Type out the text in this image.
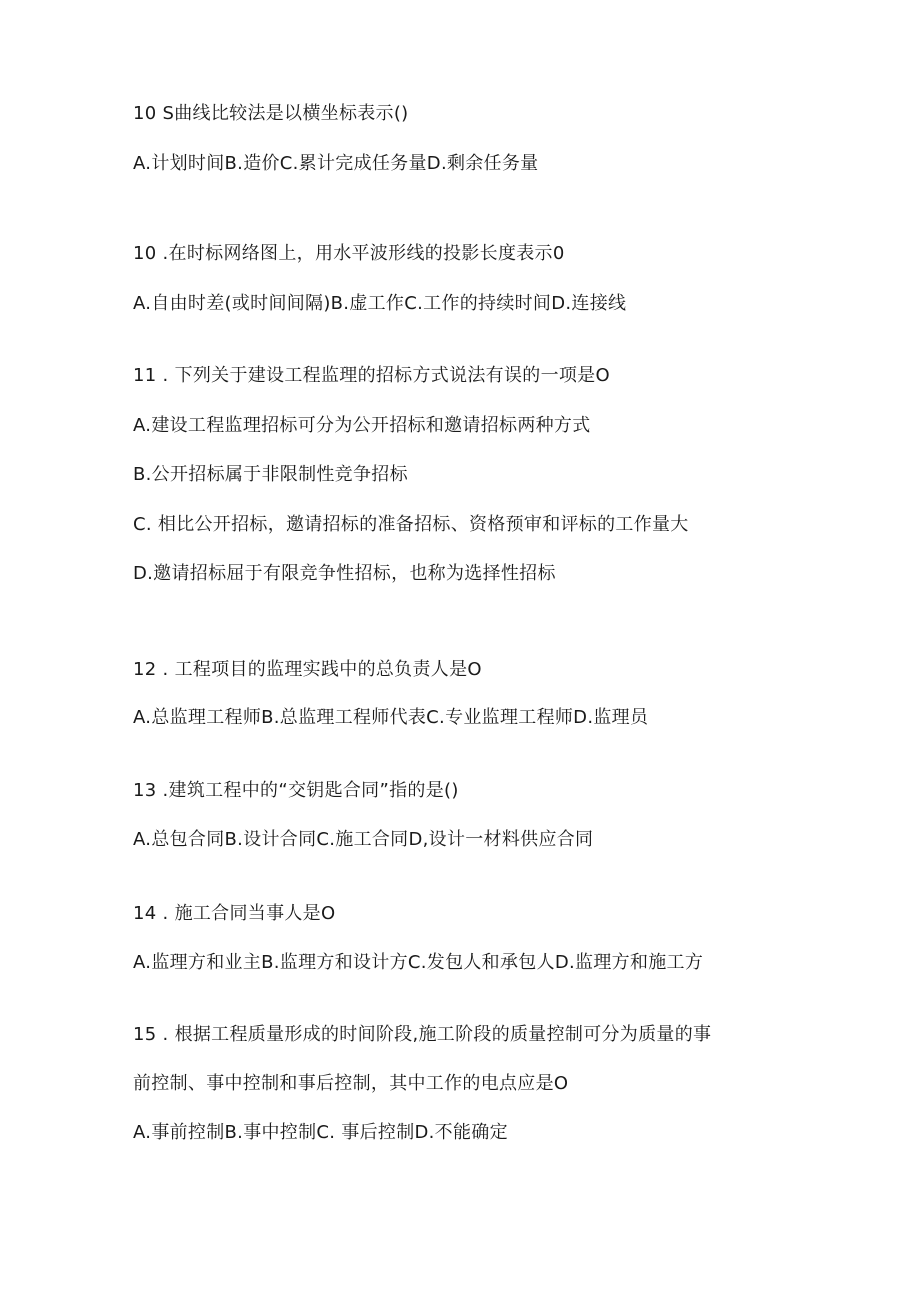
10 S曲线比较法是以横坐标表示()
A.计划时间B.造价C.累计完成任务量D.剩余任务量
10 .在时标网络图上，用水平波形线的投影长度表示0
A.自由时差(或时间间隔)B.虚工作C.工作的持续时间D.连接线
11 . 下列关于建设工程监理的招标方式说法有误的一项是O
A.建设工程监理招标可分为公开招标和邀请招标两种方式
B.公开招标属于非限制性竞争招标
C. 相比公开招标，邀请招标的准备招标、资格预审和评标的工作量大
D.邀请招标屈于有限竞争性招标，也称为选择性招标
12 . 工程项目的监理实践中的总负责人是O
A.总监理工程师B.总监理工程师代表C.专业监理工程师D.监理员
13 .建筑工程中的“交钥匙合同”指的是()
A.总包合同B.设计合同C.施工合同D,设计一材料供应合同
14 . 施工合同当事人是O
A.监理方和业主B.监理方和设计方C.发包人和承包人D.监理方和施工方
15 . 根据工程质量形成的时间阶段,施工阶段的质量控制可分为质量的事
前控制、事中控制和事后控制，其中工作的电点应是O
A.事前控制B.事中控制C. 事后控制D.不能确定
